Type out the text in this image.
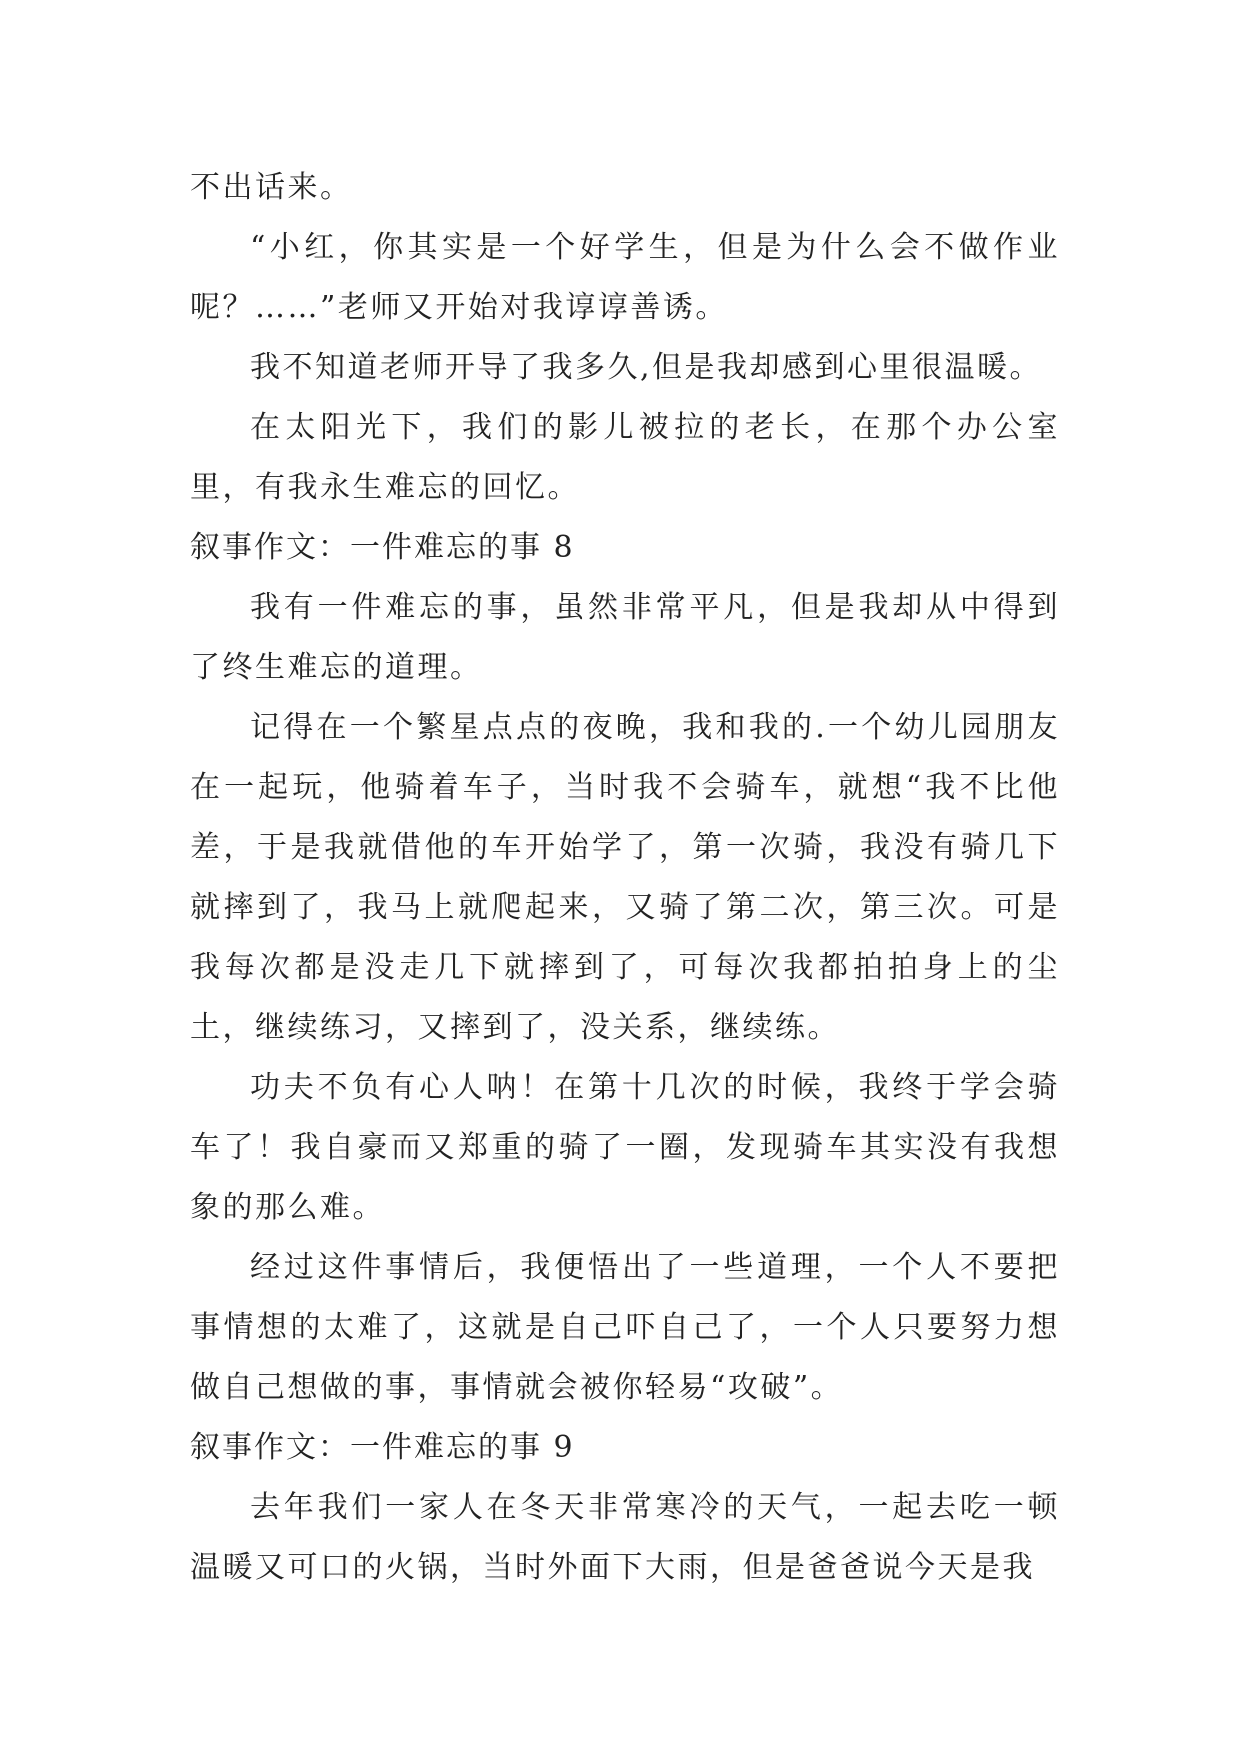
不出话来。

“小红，你其实是一个好学生，但是为什么会不做作业呢？……”老师又开始对我谆谆善诱。

我不知道老师开导了我多久,但是我却感到心里很温暖。

在太阳光下，我们的影儿被拉的老长，在那个办公室里，有我永生难忘的回忆。

叙事作文：一件难忘的事 8

我有一件难忘的事，虽然非常平凡，但是我却从中得到了终生难忘的道理。

记得在一个繁星点点的夜晚，我和我的.一个幼儿园朋友在一起玩，他骑着车子，当时我不会骑车，就想“我不比他差，于是我就借他的车开始学了，第一次骑，我没有骑几下就摔到了，我马上就爬起来，又骑了第二次，第三次。可是我每次都是没走几下就摔到了，可每次我都拍拍身上的尘土，继续练习，又摔到了，没关系，继续练。

功夫不负有心人呐！在第十几次的时候，我终于学会骑车了！我自豪而又郑重的骑了一圈，发现骑车其实没有我想象的那么难。

经过这件事情后，我便悟出了一些道理，一个人不要把事情想的太难了，这就是自己吓自己了，一个人只要努力想做自己想做的事，事情就会被你轻易“攻破”。

叙事作文：一件难忘的事 9

去年我们一家人在冬天非常寒冷的天气，一起去吃一顿温暖又可口的火锅，当时外面下大雨，但是爸爸说今天是我
